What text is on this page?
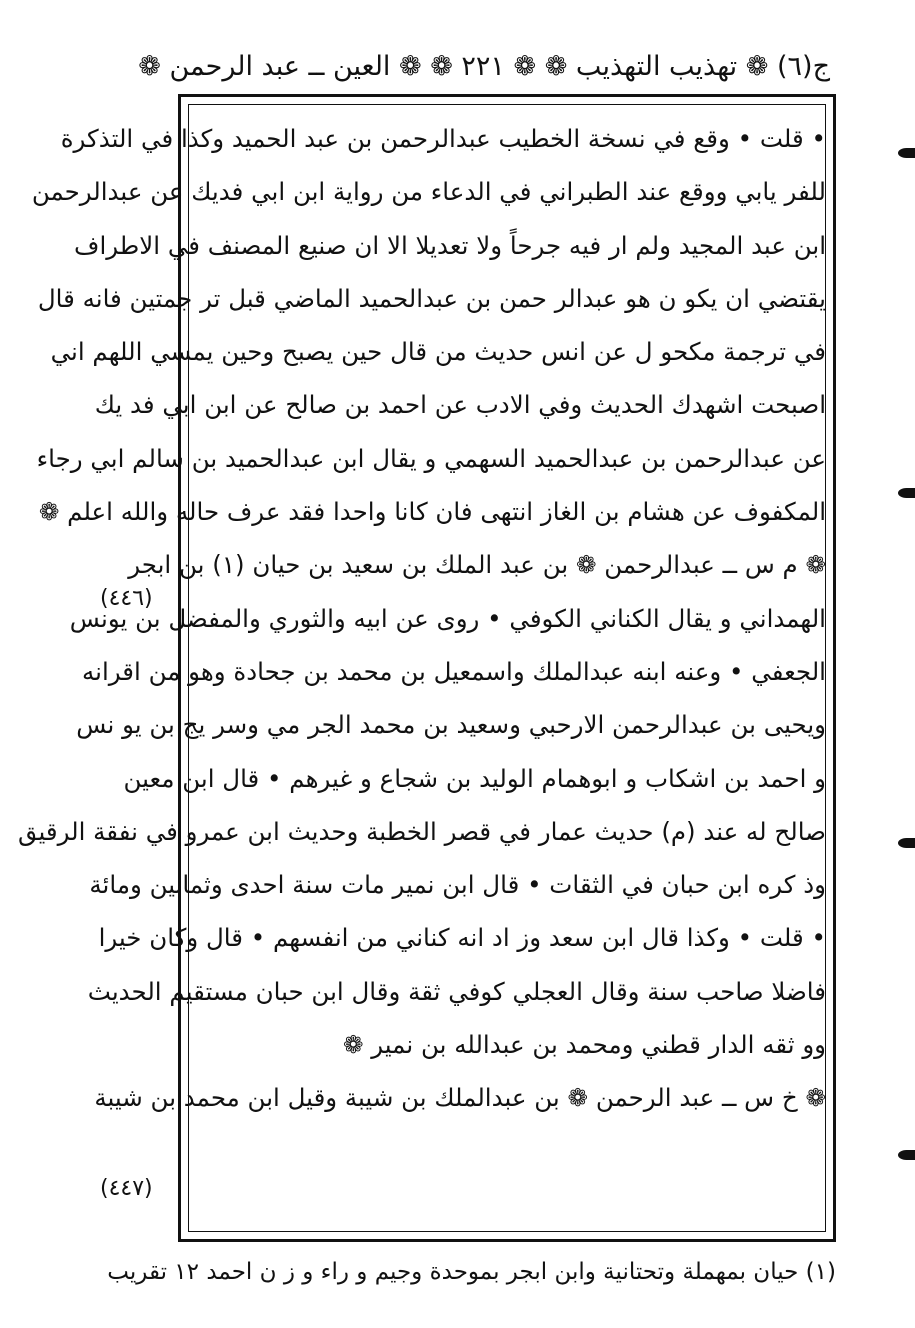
ج(٦) ❁ تهذيب التهذيب ❁ ❁ ٢٢١ ❁ ❁ العين ــ عبد الرحمن ❁
• قلت • وقع في نسخة الخطيب عبدالرحمن بن عبد الحميد وكذا في التذكرة
للفر يابي ووقع عند الطبراني في الدعاء من رواية ابن ابي فديك عن عبدالرحمن
ابن عبد المجيد ولم ار فيه جرحاً ولا تعديلا الا ان صنيع المصنف في الاطراف
يقتضي ان يكو ن هو عبدالر حمن بن عبدالحميد الماضي قبل تر جمتين فانه قال
في ترجمة مكحو ل عن انس حديث من قال حين يصبح وحين يمسي اللهم اني
اصبحت اشهدك الحديث وفي الادب عن احمد بن صالح عن ابن ابي فد يك
عن عبدالرحمن بن عبدالحميد السهمي و يقال ابن عبدالحميد بن سالم ابي رجاء
المكفوف عن هشام بن الغاز انتهى فان كانا واحدا فقد عرف حاله والله اعلم ❁
❁ م س ــ عبدالرحمن ❁ بن عبد الملك بن سعيد بن حيان (١) بن ابجر
الهمداني و يقال الكناني الكوفي • روى عن ابيه والثوري والمفضل بن يونس
الجعفي • وعنه ابنه عبدالملك واسمعيل بن محمد بن جحادة وهو من اقرانه
ويحيى بن عبدالرحمن الارحبي وسعيد بن محمد الجر مي وسر يج بن يو نس
و احمد بن اشكاب و ابوهمام الوليد بن شجاع و غيرهم • قال ابن معين
صالح له عند (م) حديث عمار في قصر الخطبة وحديث ابن عمرو في نفقة الرقيق
وذ كره ابن حبان في الثقات • قال ابن نمير مات سنة احدى وثمانين ومائة
• قلت • وكذا قال ابن سعد وز اد انه كناني من انفسهم • قال وكان خيرا
فاضلا صاحب سنة وقال العجلي كوفي ثقة وقال ابن حبان مستقيم الحديث
وو ثقه الدار قطني ومحمد بن عبدالله بن نمير ❁
❁ خ س ــ عبد الرحمن ❁ بن عبدالملك بن شيبة وقيل ابن محمد بن شيبة
(٤٤٦)
(٤٤٧)
(١) حيان بمهملة وتحتانية وابن ابجر بموحدة وجيم و راء و ز ن احمد ١٢ تقريب
